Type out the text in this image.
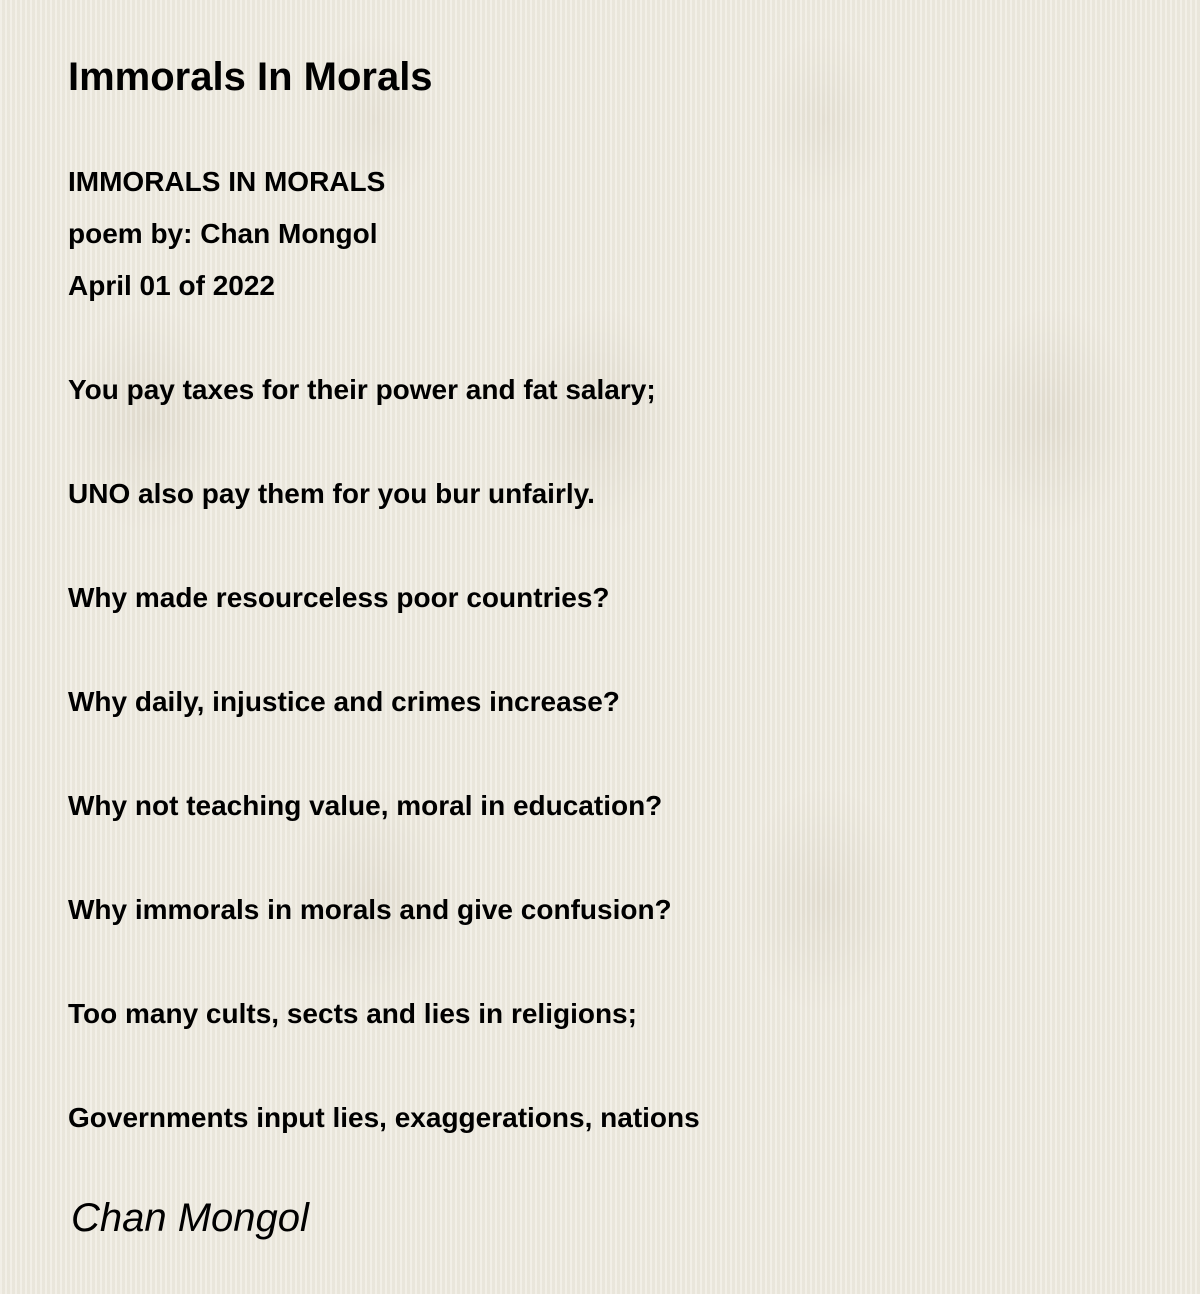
Immorals In Morals
IMMORALS IN MORALS
poem by: Chan Mongol
April 01 of 2022
You pay taxes for their power and fat salary;
UNO also pay them for you bur unfairly.
Why made resourceless poor countries?
Why daily, injustice and crimes increase?
Why not teaching value, moral in education?
Why immorals in morals and give confusion?
Too many cults, sects and lies in religions;
Governments input lies, exaggerations, nations

Chan Mongol
